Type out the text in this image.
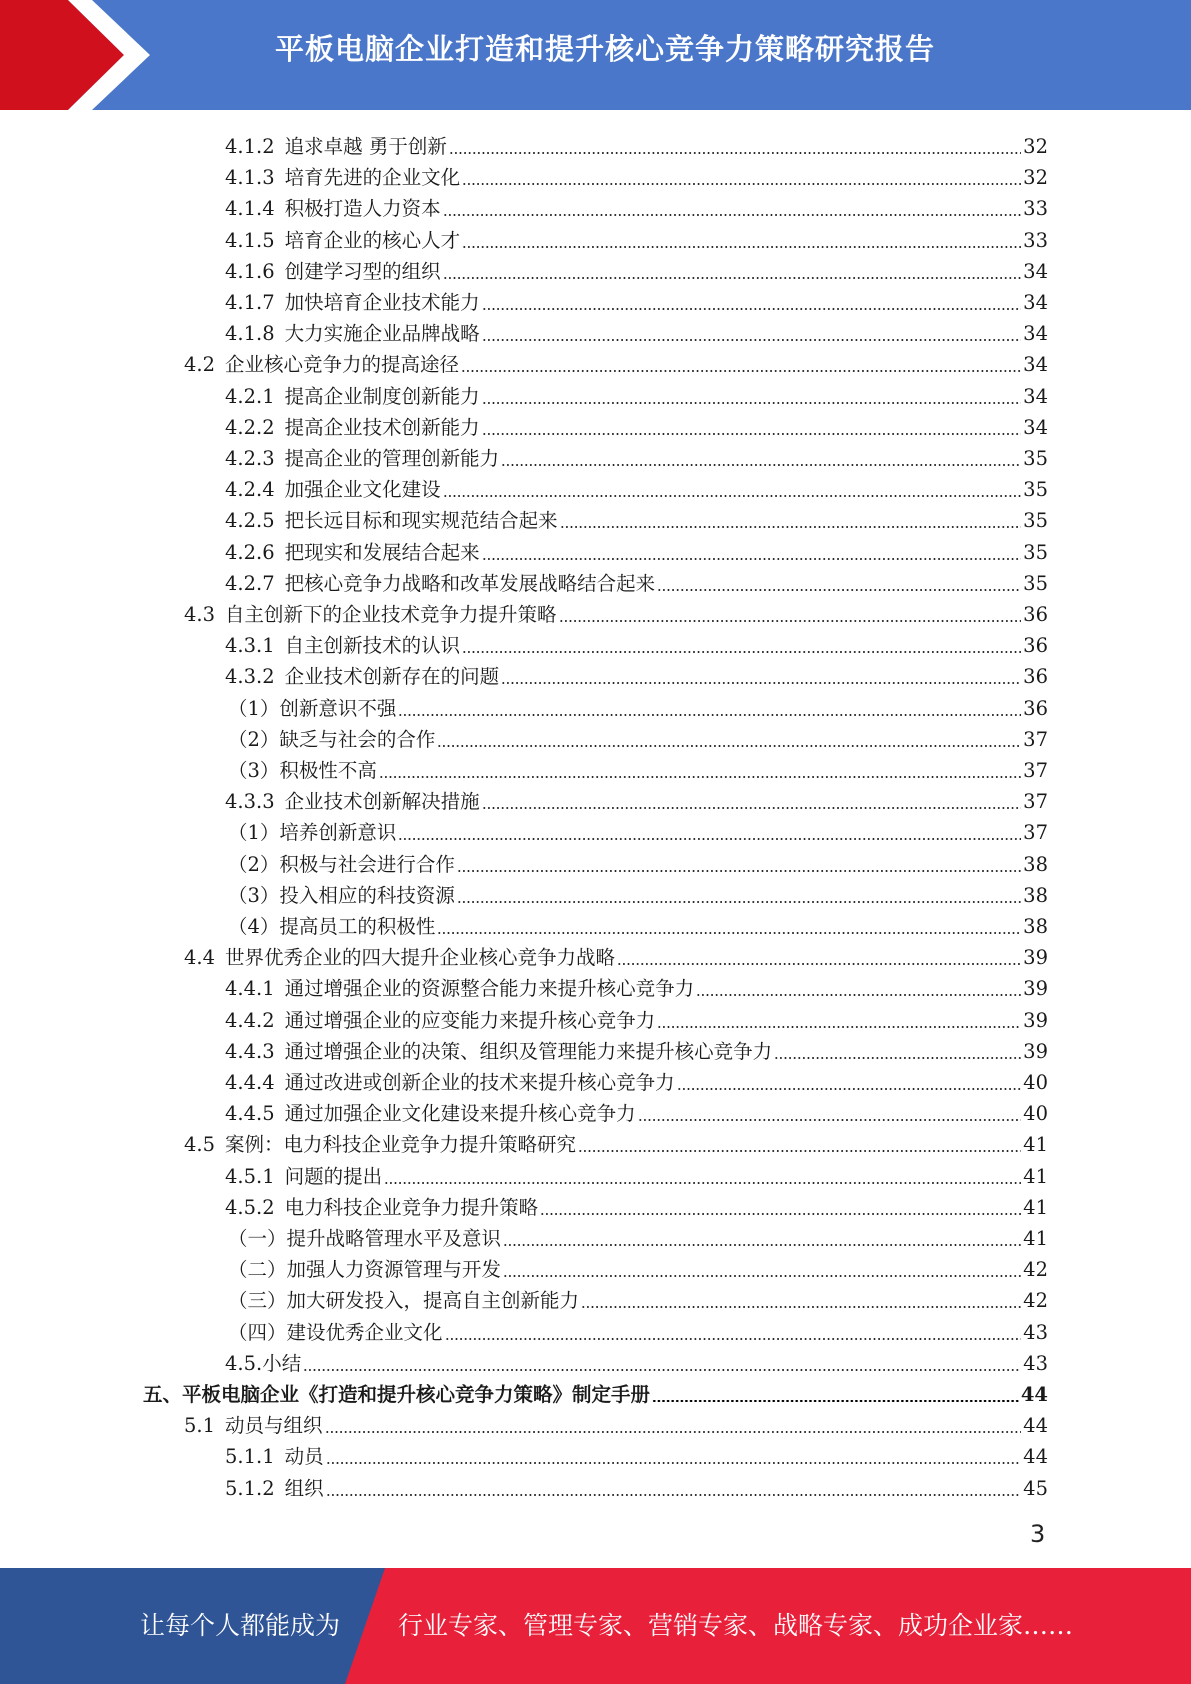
平板电脑企业打造和提升核心竞争力策略研究报告
4.1.2 追求卓越 勇于创新	32
4.1.3 培育先进的企业文化	32
4.1.4 积极打造人力资本	33
4.1.5 培育企业的核心人才	33
4.1.6 创建学习型的组织	34
4.1.7 加快培育企业技术能力	34
4.1.8 大力实施企业品牌战略	34
4.2 企业核心竞争力的提高途径	34
4.2.1 提高企业制度创新能力	34
4.2.2 提高企业技术创新能力	34
4.2.3 提高企业的管理创新能力	35
4.2.4 加强企业文化建设	35
4.2.5 把长远目标和现实规范结合起来	35
4.2.6 把现实和发展结合起来	35
4.2.7 把核心竞争力战略和改革发展战略结合起来	35
4.3 自主创新下的企业技术竞争力提升策略	36
4.3.1 自主创新技术的认识	36
4.3.2 企业技术创新存在的问题	36
（1）创新意识不强	36
（2）缺乏与社会的合作	37
（3）积极性不高	37
4.3.3 企业技术创新解决措施	37
（1）培养创新意识	37
（2）积极与社会进行合作	38
（3）投入相应的科技资源	38
（4）提高员工的积极性	38
4.4 世界优秀企业的四大提升企业核心竞争力战略	39
4.4.1 通过增强企业的资源整合能力来提升核心竞争力	39
4.4.2 通过增强企业的应变能力来提升核心竞争力	39
4.4.3 通过增强企业的决策、组织及管理能力来提升核心竞争力	39
4.4.4 通过改进或创新企业的技术来提升核心竞争力	40
4.4.5 通过加强企业文化建设来提升核心竞争力	40
4.5 案例：电力科技企业竞争力提升策略研究	41
4.5.1 问题的提出	41
4.5.2 电力科技企业竞争力提升策略	41
（一）提升战略管理水平及意识	41
（二）加强人力资源管理与开发	42
（三）加大研发投入，提高自主创新能力	42
（四）建设优秀企业文化	43
4.5.小结	43
五、平板电脑企业《打造和提升核心竞争力策略》制定手册	44
5.1 动员与组织	44
5.1.1 动员	44
5.1.2 组织	45
3
让每个人都能成为 行业专家、管理专家、营销专家、战略专家、成功企业家……
